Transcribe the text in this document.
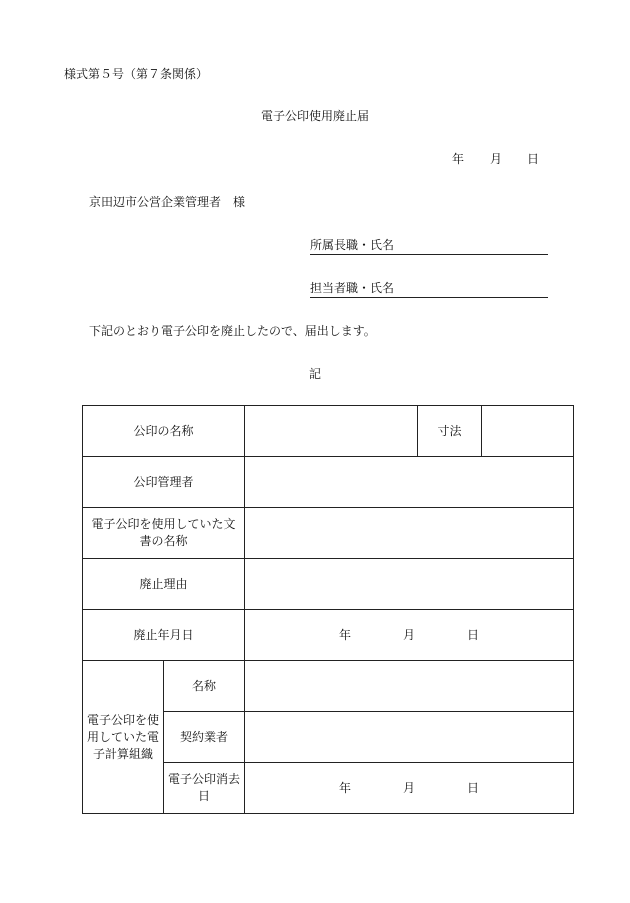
様式第５号（第７条関係）
電子公印使用廃止届
年 月 日
京田辺市公営企業管理者　様
所属長職・氏名
担当者職・氏名
下記のとおり電子公印を廃止したので、届出します。
記
公印の名称			寸法	
公印管理者				
電子公印を使用していた文書の名称				
廃止理由				
廃止年月日		年 月 日		
電子公印を使用していた電子計算組織	名称			
	契約業者			
	電子公印消去日	年 月 日		
